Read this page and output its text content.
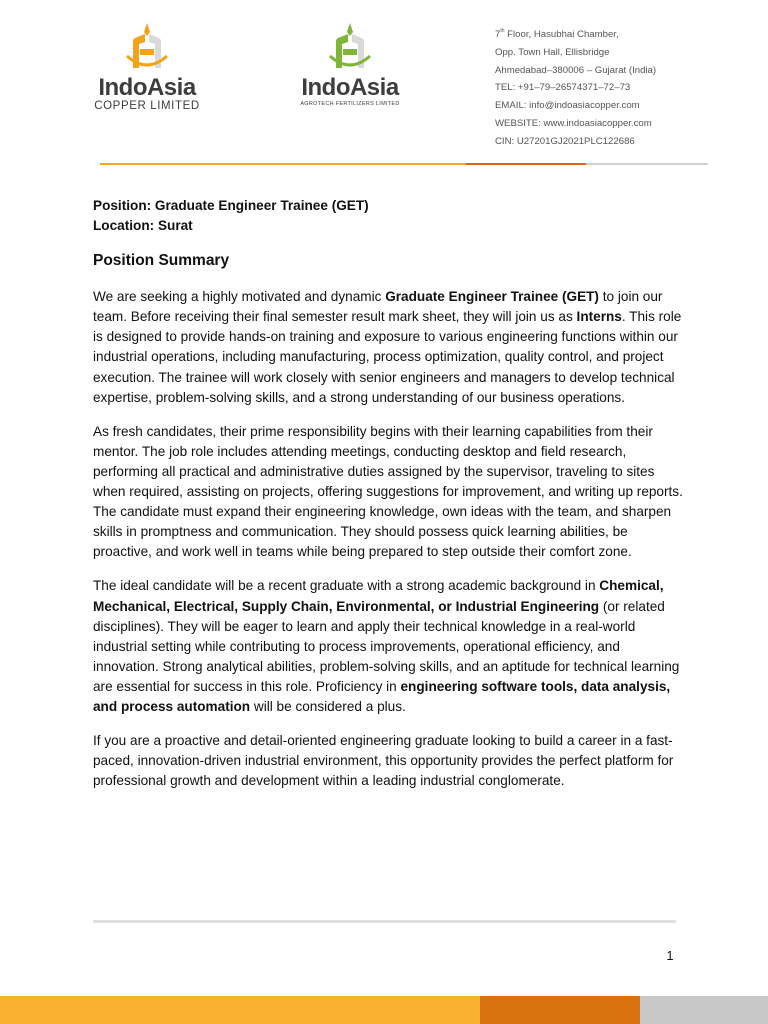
IndoAsia
COPPER LIMITED
IndoAsia
AGROTECH FERTILIZERS LIMITED
7th Floor, Hasubhai Chamber,
Opp. Town Hall, Ellisbridge
Ahmedabad–380006 – Gujarat (India)
TEL: +91–79–26574371–72–73
EMAIL: info@indoasiacopper.com
WEBSITE: www.indoasiacopper.com
CIN: U27201GJ2021PLC122686

Position: Graduate Engineer Trainee (GET)

Location: Surat

Position Summary

We are seeking a highly motivated and dynamic Graduate Engineer Trainee (GET) to join our team. Before receiving their final semester result mark sheet, they will join us as Interns. This role is designed to provide hands-on training and exposure to various engineering functions within our industrial operations, including manufacturing, process optimization, quality control, and project execution. The trainee will work closely with senior engineers and managers to develop technical expertise, problem-solving skills, and a strong understanding of our business operations.

As fresh candidates, their prime responsibility begins with their learning capabilities from their mentor. The job role includes attending meetings, conducting desktop and field research, performing all practical and administrative duties assigned by the supervisor, traveling to sites when required, assisting on projects, offering suggestions for improvement, and writing up reports. The candidate must expand their engineering knowledge, own ideas with the team, and sharpen skills in promptness and communication. They should possess quick learning abilities, be proactive, and work well in teams while being prepared to step outside their comfort zone.

The ideal candidate will be a recent graduate with a strong academic background in Chemical, Mechanical, Electrical, Supply Chain, Environmental, or Industrial Engineering (or related disciplines). They will be eager to learn and apply their technical knowledge in a real-world industrial setting while contributing to process improvements, operational efficiency, and innovation. Strong analytical abilities, problem-solving skills, and an aptitude for technical learning are essential for success in this role. Proficiency in engineering software tools, data analysis, and process automation will be considered a plus.

If you are a proactive and detail-oriented engineering graduate looking to build a career in a fast-paced, innovation-driven industrial environment, this opportunity provides the perfect platform for professional growth and development within a leading industrial conglomerate.

1
